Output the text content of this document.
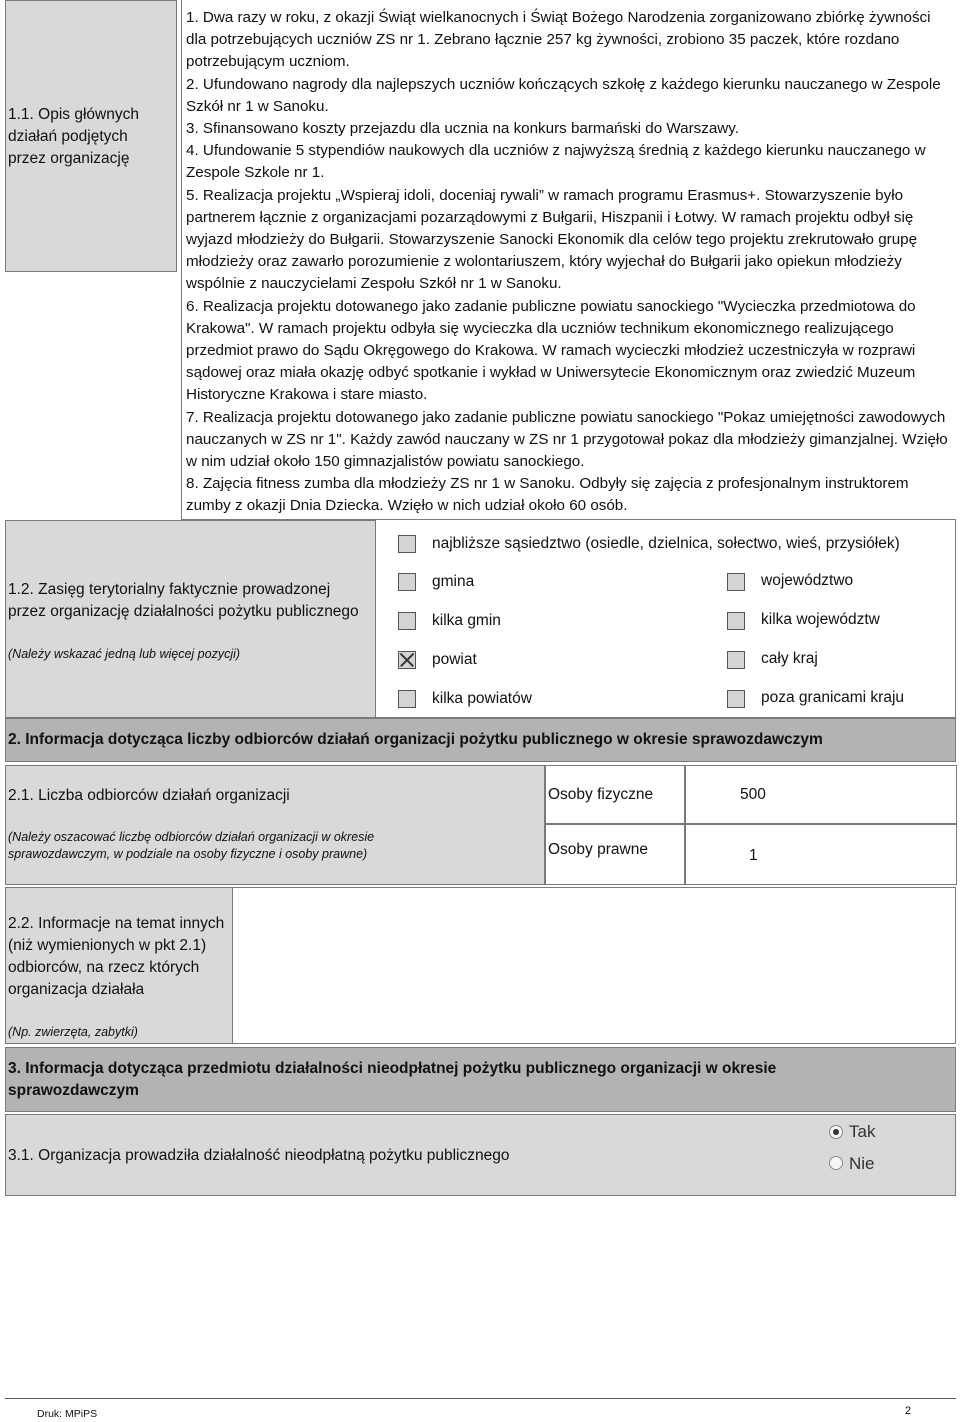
1.1. Opis głównych działań podjętych przez organizację

1. Dwa razy w roku, z okazji Świąt wielkanocnych i Świąt Bożego Narodzenia zorganizowano zbiórkę żywności dla potrzebujących uczniów ZS nr 1. Zebrano łącznie 257 kg żywności, zrobiono 35 paczek, które rozdano potrzebującym uczniom.

2. Ufundowano nagrody dla najlepszych uczniów kończących szkołę z każdego kierunku nauczanego w Zespole Szkół nr 1 w Sanoku.

3. Sfinansowano koszty przejazdu dla ucznia na konkurs barmański do Warszawy.

4. Ufundowanie 5 stypendiów naukowych dla uczniów z najwyższą średnią z każdego kierunku nauczanego w Zespole Szkole nr 1.

5. Realizacja projektu „Wspieraj idoli, doceniaj rywali” w ramach programu Erasmus+. Stowarzyszenie było partnerem łącznie z organizacjami pozarządowymi z Bułgarii, Hiszpanii i Łotwy. W ramach projektu odbył się wyjazd młodzieży do Bułgarii. Stowarzyszenie Sanocki Ekonomik dla celów tego projektu zrekrutowało grupę młodzieży oraz zawarło porozumienie z wolontariuszem, który wyjechał do Bułgarii jako opiekun młodzieży wspólnie z nauczycielami Zespołu Szkół nr 1 w Sanoku.

6. Realizacja projektu dotowanego jako zadanie publiczne powiatu sanockiego "Wycieczka przedmiotowa do Krakowa". W ramach projektu odbyła się wycieczka dla uczniów technikum ekonomicznego realizującego przedmiot prawo do Sądu Okręgowego do Krakowa. W ramach wycieczki młodzież uczestniczyła w rozprawi sądowej oraz miała okazję odbyć spotkanie i wykład w Uniwersytecie Ekonomicznym oraz zwiedzić Muzeum Historyczne Krakowa i stare miasto.

7. Realizacja projektu dotowanego jako zadanie publiczne powiatu sanockiego "Pokaz umiejętności zawodowych nauczanych w ZS nr 1". Każdy zawód nauczany w ZS nr 1 przygotował pokaz dla młodzieży gimanzjalnej. Wzięło w nim udział około 150 gimnazjalistów powiatu sanockiego.

8. Zajęcia fitness zumba dla młodzieży ZS nr 1 w Sanoku. Odbyły się zajęcia z profesjonalnym instruktorem zumby z okazji Dnia Dziecka. Wzięło w nich udział około 60 osób.

1.2. Zasięg terytorialny faktycznie prowadzonej przez organizację działalności pożytku publicznego
(Należy wskazać jedną lub więcej pozycji)
najbliższe sąsiedztwo (osiedle, dzielnica, sołectwo, wieś, przysiółek)
gmina	województwo
kilka gmin	kilka województw
powiat	cały kraj
kilka powiatów	poza granicami kraju
2. Informacja dotycząca liczby odbiorców działań organizacji pożytku publicznego w okresie sprawozdawczym
2.1. Liczba odbiorców działań organizacji
(Należy oszacować liczbę odbiorców działań organizacji w okresie sprawozdawczym, w podziale na osoby fizyczne i osoby prawne)
Osoby fizyczne	500
Osoby prawne	1
2.2. Informacje na temat innych (niż wymienionych w pkt 2.1) odbiorców, na rzecz których organizacja działała
(Np. zwierzęta, zabytki)
3. Informacja dotycząca przedmiotu działalności nieodpłatnej pożytku publicznego organizacji w okresie sprawozdawczym
3.1. Organizacja prowadziła działalność nieodpłatną pożytku publicznego
Tak
Nie
Druk: MPiPS	2
